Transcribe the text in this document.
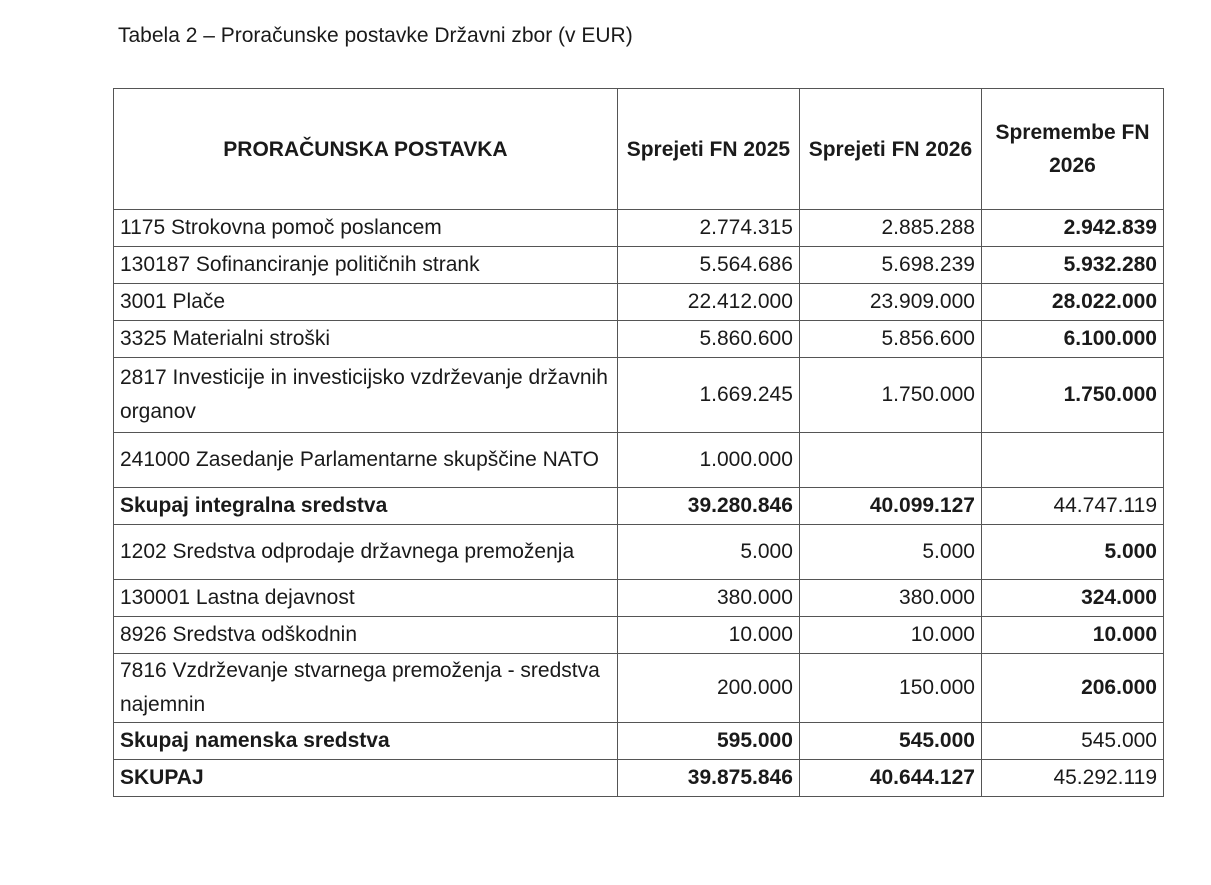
Tabela 2 – Proračunske postavke Državni zbor (v EUR)
PRORAČUNSKA POSTAVKA	Sprejeti FN 2025	Sprejeti FN 2026	Spremembe FN 2026
1175 Strokovna pomoč poslancem	2.774.315	2.885.288	2.942.839
130187 Sofinanciranje političnih strank	5.564.686	5.698.239	5.932.280
3001 Plače	22.412.000	23.909.000	28.022.000
3325 Materialni stroški	5.860.600	5.856.600	6.100.000
2817 Investicije in investicijsko vzdrževanje državnih organov	1.669.245	1.750.000	1.750.000
241000 Zasedanje Parlamentarne skupščine NATO	1.000.000		
Skupaj integralna sredstva	39.280.846	40.099.127	44.747.119
1202 Sredstva odprodaje državnega premoženja	5.000	5.000	5.000
130001 Lastna dejavnost	380.000	380.000	324.000
8926 Sredstva odškodnin	10.000	10.000	10.000
7816 Vzdrževanje stvarnega premoženja - sredstva najemnin	200.000	150.000	206.000
Skupaj namenska sredstva	595.000	545.000	545.000
SKUPAJ	39.875.846	40.644.127	45.292.119
